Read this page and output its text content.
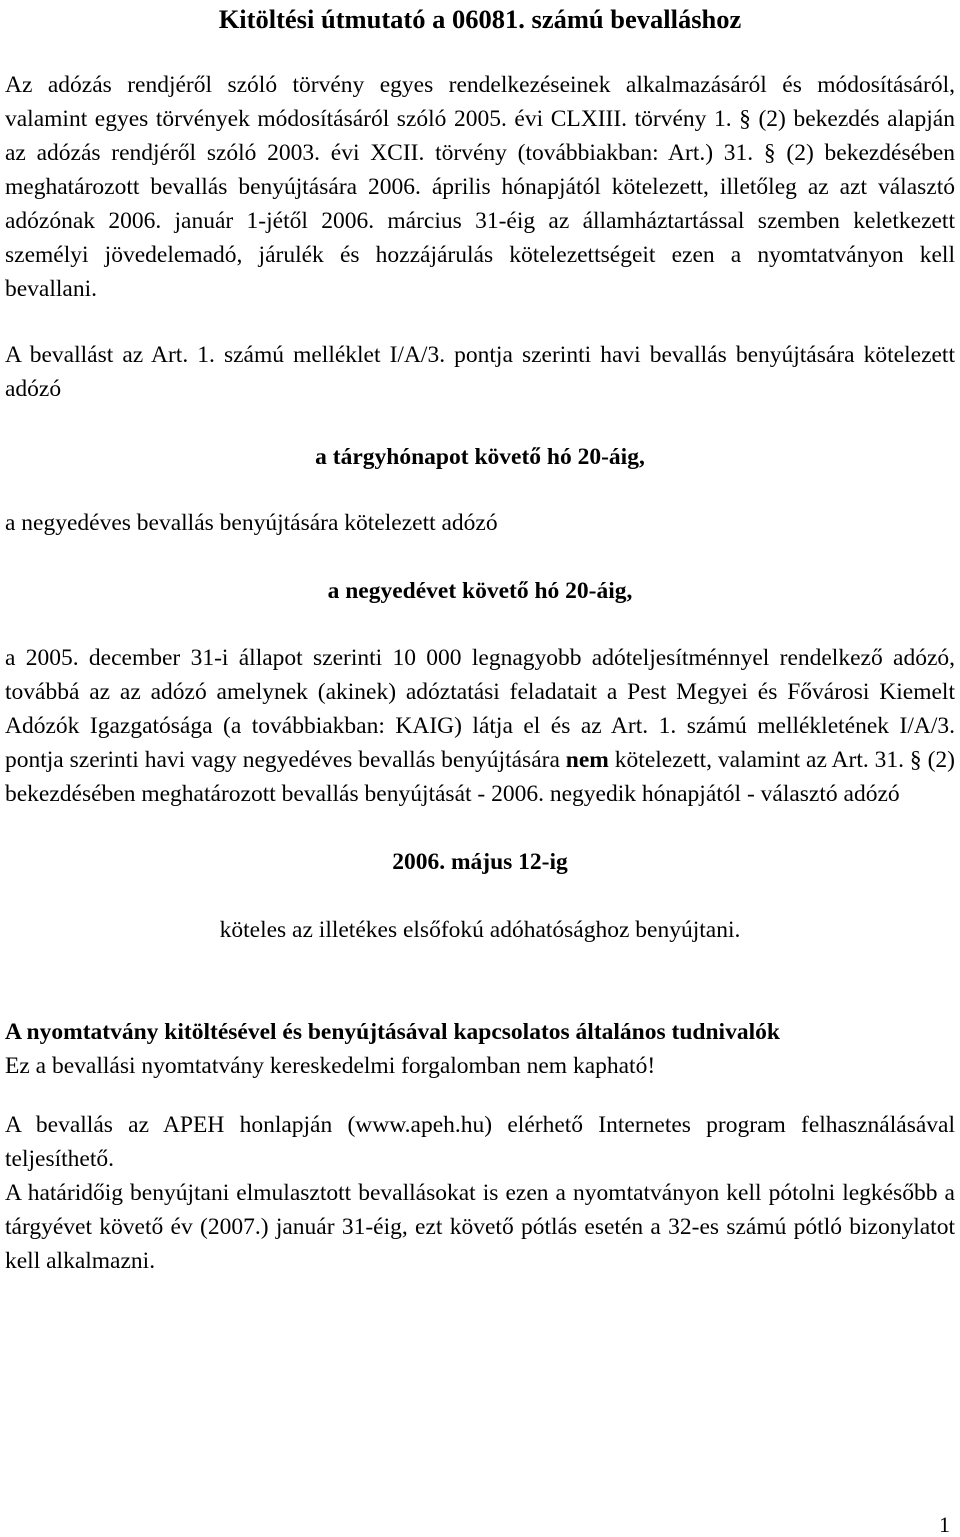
Kitöltési útmutató a 06081. számú bevalláshoz

Az adózás rendjéről szóló törvény egyes rendelkezéseinek alkalmazásáról és módosításáról, valamint egyes törvények módosításáról szóló 2005. évi CLXIII. törvény 1. § (2) bekezdés alapján az adózás rendjéről szóló 2003. évi XCII. törvény (továbbiakban: Art.) 31. § (2) bekezdésében meghatározott bevallás benyújtására 2006. április hónapjától kötelezett, illetőleg az azt választó adózónak 2006. január 1-jétől 2006. március 31-éig az államháztartással szemben keletkezett személyi jövedelemadó, járulék és hozzájárulás kötelezettségeit ezen a nyomtatványon kell bevallani.

A bevallást az Art. 1. számú melléklet I/A/3. pontja szerinti havi bevallás benyújtására kötelezett adózó

a tárgyhónapot követő hó 20-áig,

a negyedéves bevallás benyújtására kötelezett adózó

a negyedévet követő hó 20-áig,

a 2005. december 31-i állapot szerinti 10 000 legnagyobb adóteljesítménnyel rendelkező adózó, továbbá az az adózó amelynek (akinek) adóztatási feladatait a Pest Megyei és Fővárosi Kiemelt Adózók Igazgatósága (a továbbiakban: KAIG) látja el és az Art. 1. számú mellékletének I/A/3. pontja szerinti havi vagy negyedéves bevallás benyújtására nem kötelezett, valamint az Art. 31. § (2) bekezdésében meghatározott bevallás benyújtását - 2006. negyedik hónapjától - választó adózó

2006. május 12-ig

köteles az illetékes elsőfokú adóhatósághoz benyújtani.

A nyomtatvány kitöltésével és benyújtásával kapcsolatos általános tudnivalók

Ez a bevallási nyomtatvány kereskedelmi forgalomban nem kapható!

A bevallás az APEH honlapján (www.apeh.hu) elérhető Internetes program felhasználásával teljesíthető.

A határidőig benyújtani elmulasztott bevallásokat is ezen a nyomtatványon kell pótolni legkésőbb a tárgyévet követő év (2007.) január 31-éig, ezt követő pótlás esetén a 32-es számú pótló bizonylatot kell alkalmazni.

1
